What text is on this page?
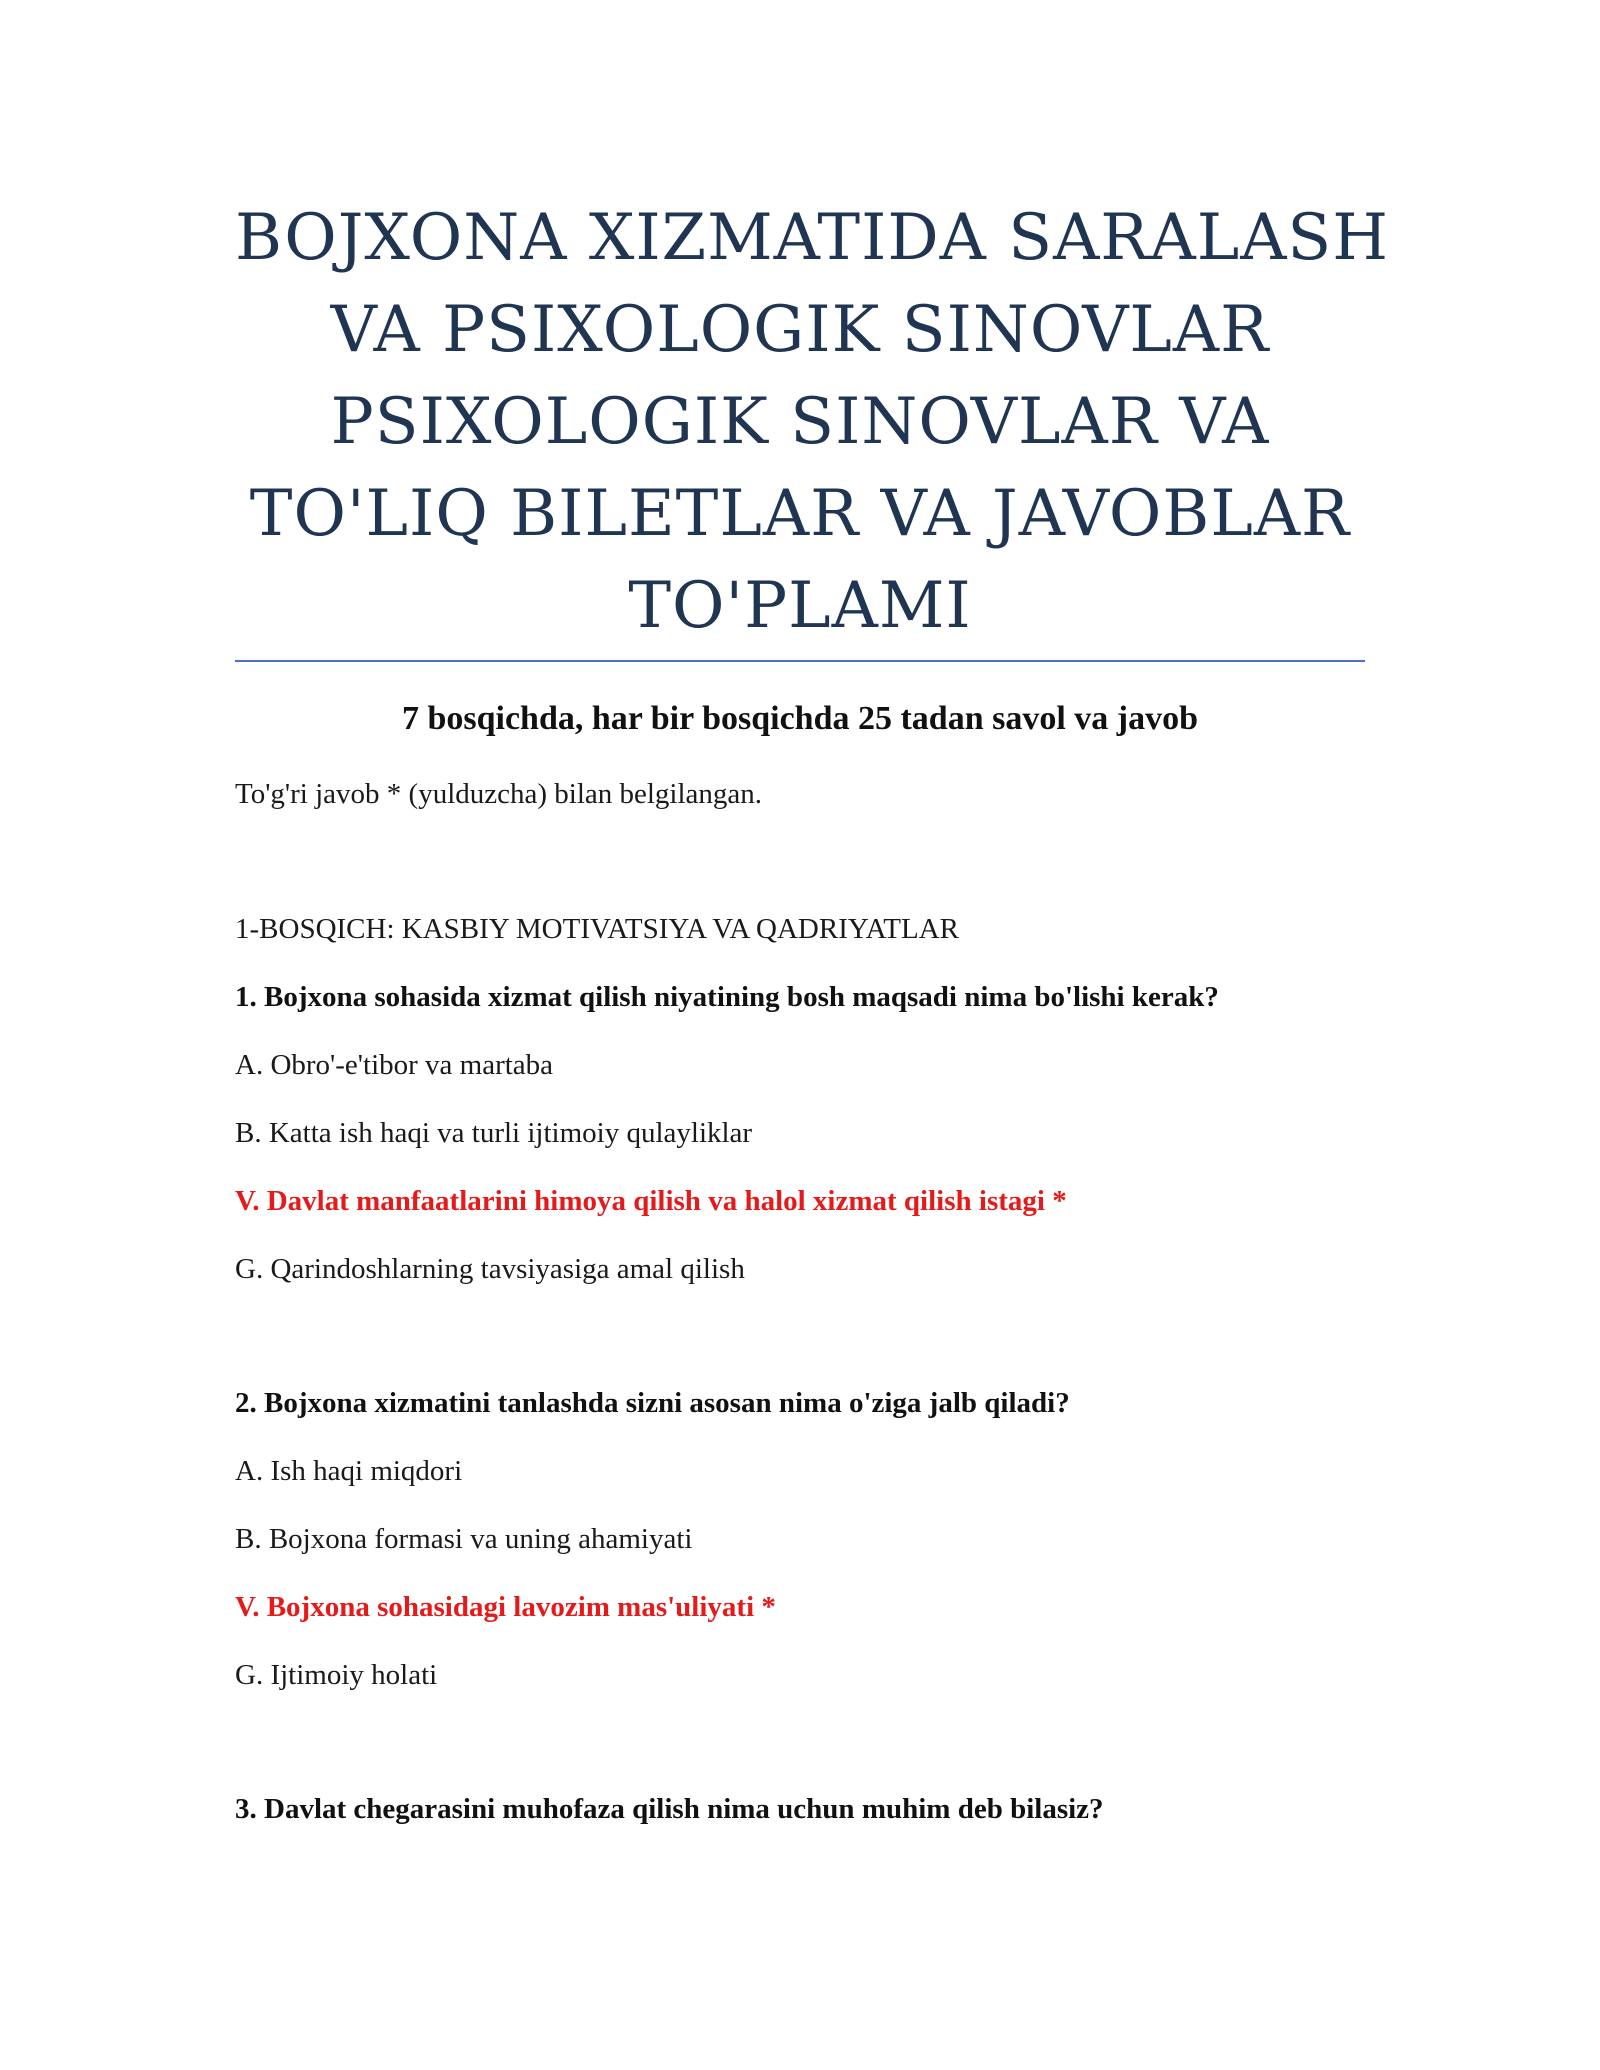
BOJXONA XIZMATIDA SARALASH
VA PSIXOLOGIK SINOVLAR
PSIXOLOGIK SINOVLAR VA
TO'LIQ BILETLAR VA JAVOBLAR
TO'PLAMI
7 bosqichda, har bir bosqichda 25 tadan savol va javob
To'g'ri javob * (yulduzcha) bilan belgilangan.
1-BOSQICH: KASBIY MOTIVATSIYA VA QADRIYATLAR
1. Bojxona sohasida xizmat qilish niyatining bosh maqsadi nima bo'lishi kerak?
A. Obro'-e'tibor va martaba
B. Katta ish haqi va turli ijtimoiy qulayliklar
V. Davlat manfaatlarini himoya qilish va halol xizmat qilish istagi *
G. Qarindoshlarning tavsiyasiga amal qilish
2. Bojxona xizmatini tanlashda sizni asosan nima o'ziga jalb qiladi?
A. Ish haqi miqdori
B. Bojxona formasi va uning ahamiyati
V. Bojxona sohasidagi lavozim mas'uliyati *
G. Ijtimoiy holati
3. Davlat chegarasini muhofaza qilish nima uchun muhim deb bilasiz?
